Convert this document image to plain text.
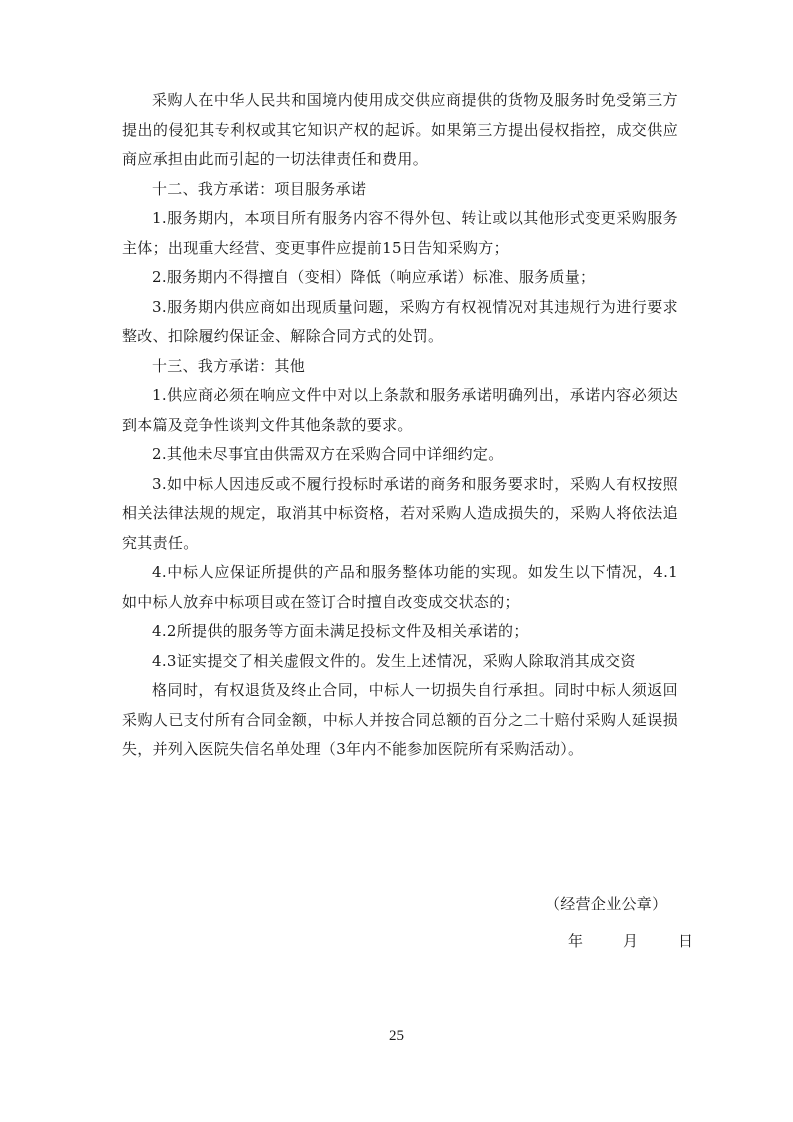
采购人在中华人民共和国境内使用成交供应商提供的货物及服务时免受第三方提出的侵犯其专利权或其它知识产权的起诉。如果第三方提出侵权指控，成交供应商应承担由此而引起的一切法律责任和费用。

十二、我方承诺：项目服务承诺

1.服务期内，本项目所有服务内容不得外包、转让或以其他形式变更采购服务主体；出现重大经营、变更事件应提前15日告知采购方；

2.服务期内不得擅自（变相）降低（响应承诺）标准、服务质量；

3.服务期内供应商如出现质量问题，采购方有权视情况对其违规行为进行要求整改、扣除履约保证金、解除合同方式的处罚。

十三、我方承诺：其他

1.供应商必须在响应文件中对以上条款和服务承诺明确列出，承诺内容必须达到本篇及竞争性谈判文件其他条款的要求。

2.其他未尽事宜由供需双方在采购合同中详细约定。

3.如中标人因违反或不履行投标时承诺的商务和服务要求时，采购人有权按照相关法律法规的规定，取消其中标资格，若对采购人造成损失的，采购人将依法追究其责任。

4.中标人应保证所提供的产品和服务整体功能的实现。如发生以下情况，4.1如中标人放弃中标项目或在签订合时擅自改变成交状态的；

4.2所提供的服务等方面未满足投标文件及相关承诺的；

4.3证实提交了相关虚假文件的。发生上述情况，采购人除取消其成交资

格同时，有权退货及终止合同，中标人一切损失自行承担。同时中标人须返回采购人已支付所有合同金额，中标人并按合同总额的百分之二十赔付采购人延误损失，并列入医院失信名单处理（3年内不能参加医院所有采购活动）。

（经营企业公章）
年	月	日
25
